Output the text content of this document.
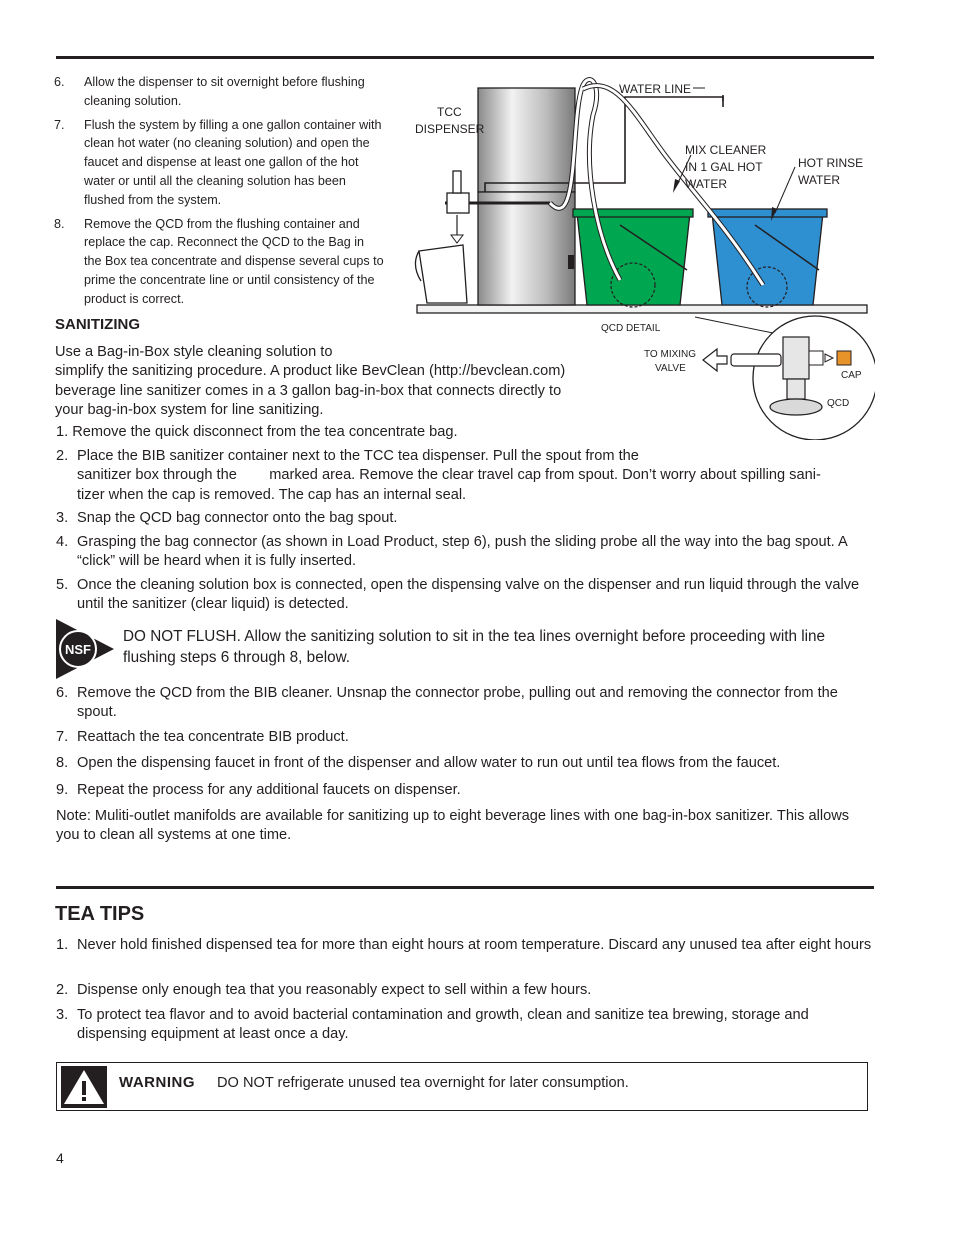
6. Allow the dispenser to sit overnight before flushing cleaning solution.
7. Flush the system by filling a one gallon container with clean hot water (no cleaning solution) and open the faucet and dispense at least one gallon of the hot water or until all the cleaning solution has been flushed from the system.
8. Remove the QCD from the flushing container and replace the cap. Reconnect the QCD to the Bag in the Box tea concentrate and dispense several cups to prime the concentrate line or until consistency of the product is correct.
WATER LINE
TCC
DISPENSER
MIX CLEANER
IN 1 GAL HOT
WATER
HOT RINSE
WATER
QCD DETAIL
TO MIXING
VALVE
CAP
QCD
SANITIZING
Use a Bag-in-Box style cleaning solution to
simplify the sanitizing procedure. A product like BevClean (http://bevclean.com)
beverage line sanitizer comes in a 3 gallon bag-in-box that connects directly to
your bag-in-box system for line sanitizing.
1. Remove the quick disconnect from the tea concentrate bag.
2. Place the BIB sanitizer container next to the TCC tea dispenser. Pull the spout from the
sanitizer box through the        marked area. Remove the clear travel cap from spout. Don’t worry about spilling sani-
tizer when the cap is removed. The cap has an internal seal.
3. Snap the QCD bag connector onto the bag spout.
4. Grasping the bag connector (as shown in Load Product, step 6), push the sliding probe all the way into the bag spout. A “click” will be heard when it is fully inserted.
5. Once the cleaning solution box is connected, open the dispensing valve on the dispenser and run liquid through the valve until the sanitizer (clear liquid) is detected.
NSF
DO NOT FLUSH. Allow the sanitizing solution to sit in the tea lines overnight before proceeding with line flushing steps 6 through 8, below.
6. Remove the QCD from the BIB cleaner. Unsnap the connector probe, pulling out and removing the connector from the spout.
7. Reattach the tea concentrate BIB product.
8. Open the dispensing faucet in front of the dispenser and allow water to run out until tea flows from the faucet.
9. Repeat the process for any additional faucets on dispenser.
Note: Muliti-outlet manifolds are available for sanitizing up to eight beverage lines with one bag-in-box sanitizer. This allows you to clean all systems at one time.
TEA TIPS
1. Never hold finished dispensed tea for more than eight hours at room temperature. Discard any unused tea after eight hours
2. Dispense only enough tea that you reasonably expect to sell within a few hours.
3. To protect tea flavor and to avoid bacterial contamination and growth, clean and sanitize tea brewing, storage and dispensing equipment at least once a day.
WARNING DO NOT refrigerate unused tea overnight for later consumption.
4
